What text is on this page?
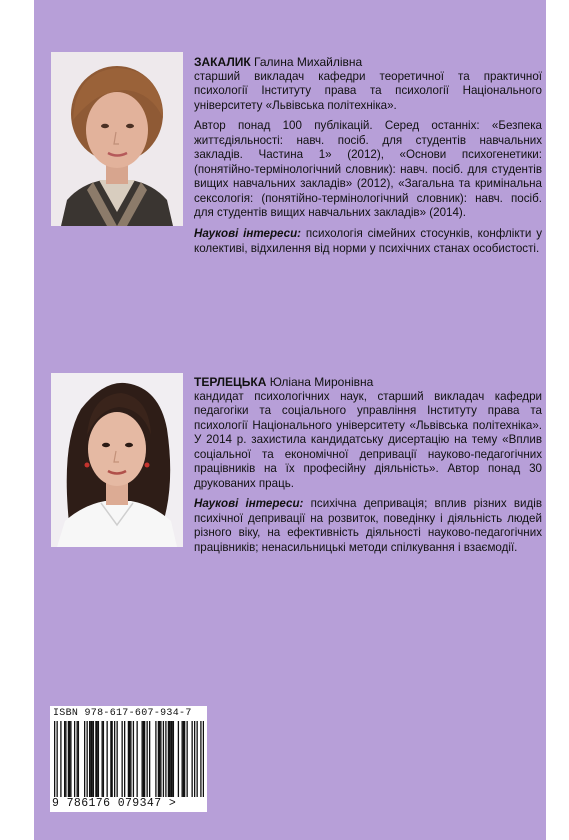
ЗАКАЛИК Галина Михайлівна

старший викладач кафедри теоретичної та практичної психології Інституту права та психології Національного університету «Львівська політехніка».

Автор понад 100 публікацій. Серед останніх: «Безпека життєдіяльності: навч. посіб. для студентів навчальних закладів. Частина 1» (2012), «Основи психогенетики: (понятійно-термінологічний словник): навч. посіб. для студентів вищих навчальних закладів» (2012), «Загальна та кримінальна сексологія: (понятійно-термінологічний словник): навч. посіб. для студентів вищих навчальних закладів» (2014).

Наукові інтереси: психологія сімейних стосунків, конфлікти у колективі, відхилення від норми у психічних станах особистості.

ТЕРЛЕЦЬКА Юліана Миронівна

кандидат психологічних наук, старший викладач кафедри педагогіки та соціального управління Інституту права та психології Національного університету «Львівська політехніка». У 2014 р. захистила кандидатську дисертацію на тему «Вплив соціальної та економічної депривації науково-педагогічних працівників на їх професійну діяльність». Автор понад 30 друкованих праць.

Наукові інтереси: психічна депривація; вплив різних видів психічної депривації на розвиток, поведінку і діяльність людей різного віку, на ефективність діяльності науково-педагогічних працівників; ненасильницькі методи спілкування і взаємодії.

ISBN 978-617-607-934-7
9 786176 079347 >
